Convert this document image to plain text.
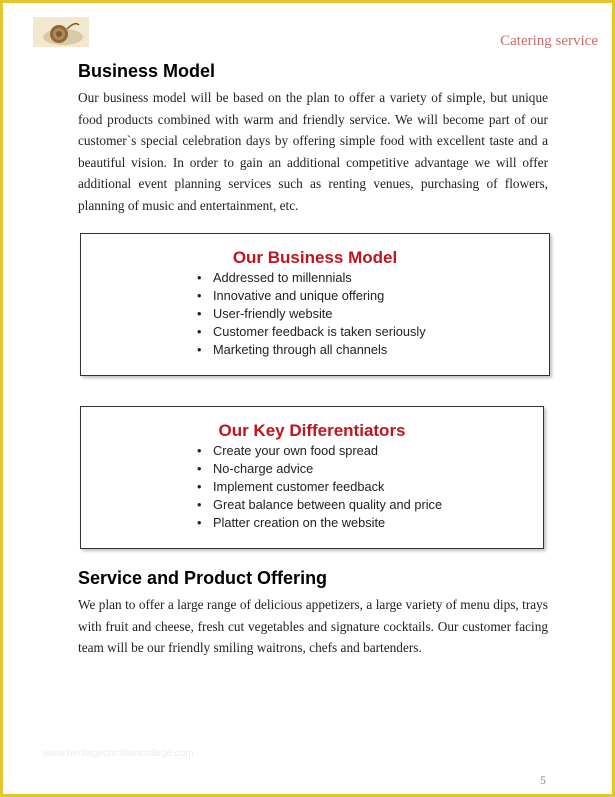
Catering service
Business Model

Our business model will be based on the plan to offer a variety of simple, but unique food products combined with warm and friendly service. We will become part of our customer`s special celebration days by offering simple food with excellent taste and a beautiful vision. In order to gain an additional competitive advantage we will offer additional event planning services such as renting venues, purchasing of flowers, planning of music and entertainment, etc.

Our Business Model
• Addressed to millennials
• Innovative and unique offering
• User-friendly website
• Customer feedback is taken seriously
• Marketing through all channels
Our Key Differentiators
• Create your own food spread
• No-charge advice
• Implement customer feedback
• Great balance between quality and price
• Platter creation on the website
Service and Product Offering

We plan to offer a large range of delicious appetizers, a large variety of menu dips, trays with fruit and cheese, fresh cut vegetables and signature cocktails. Our customer facing team will be our friendly smiling waitrons, chefs and bartenders.

www.heritagechristiancollege.com
5
